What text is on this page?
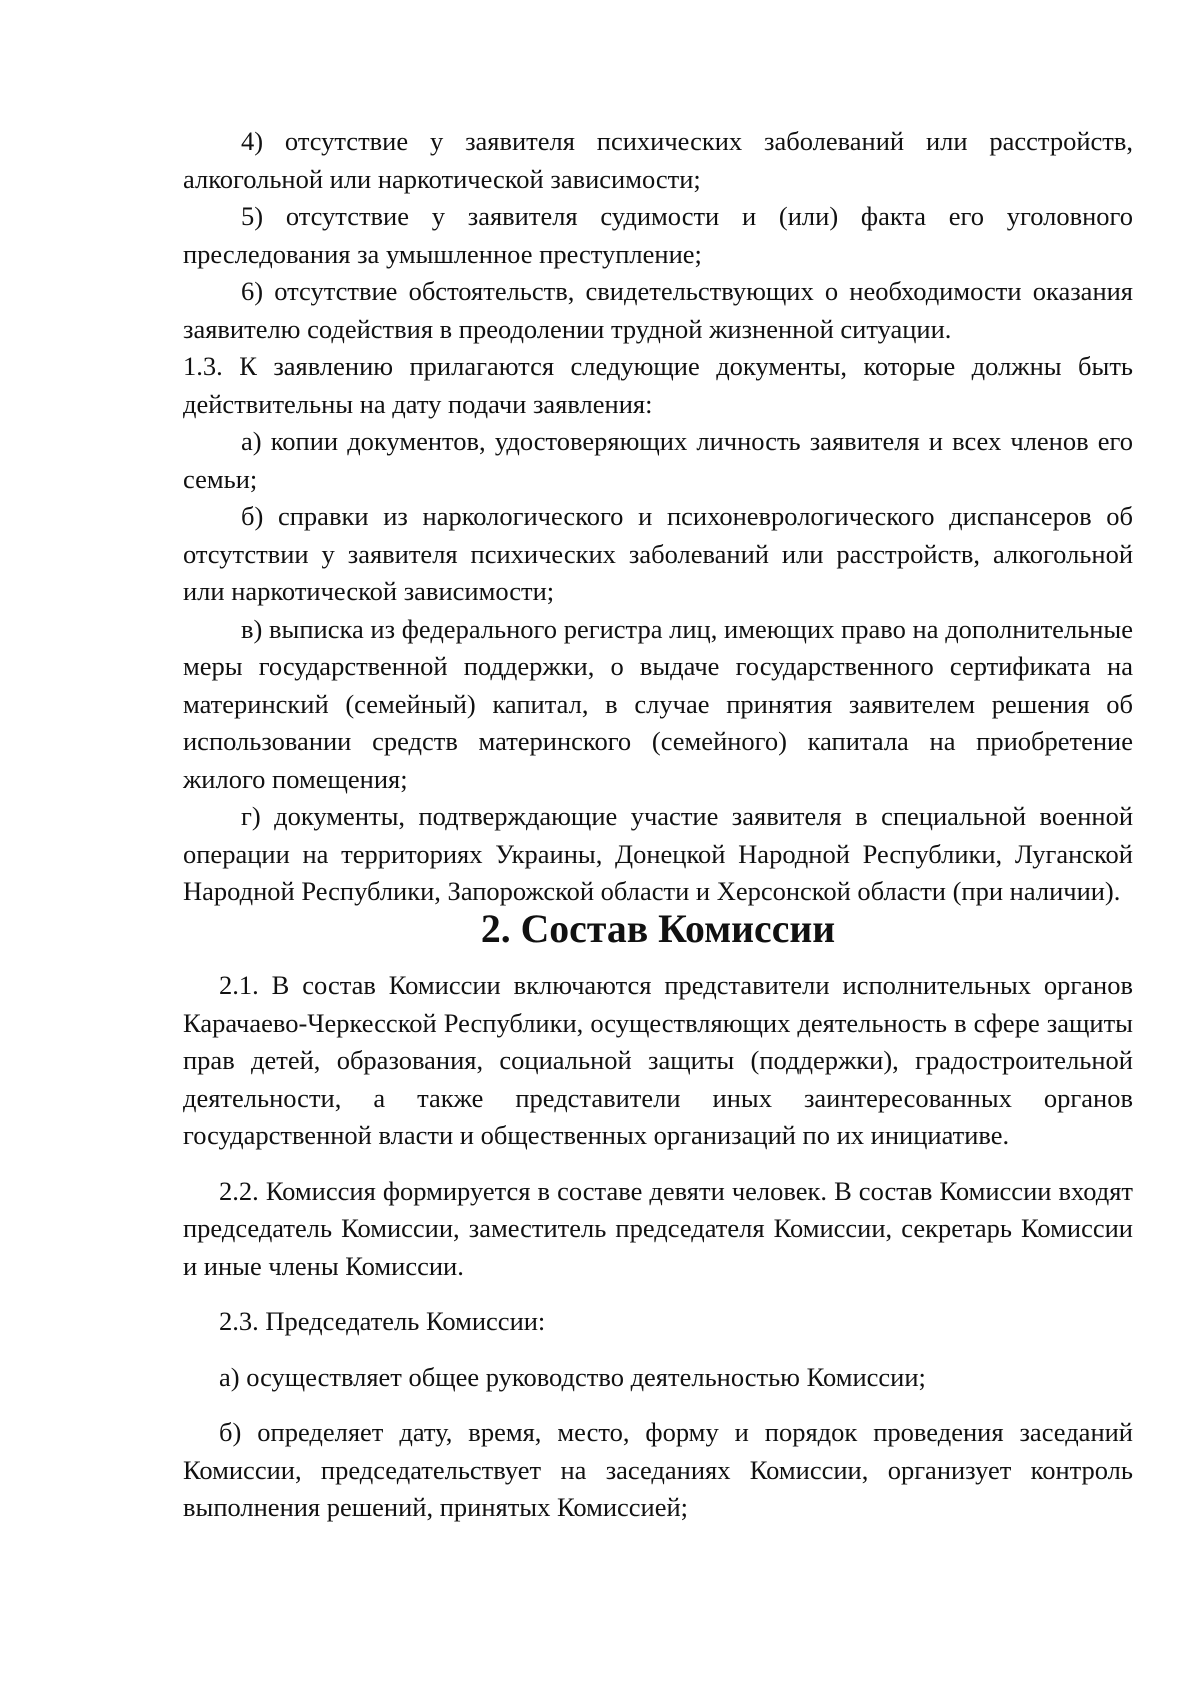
4) отсутствие у заявителя психических заболеваний или расстройств, алкогольной или наркотической зависимости;

5) отсутствие у заявителя судимости и (или) факта его уголовного преследования за умышленное преступление;

6) отсутствие обстоятельств, свидетельствующих о необходимости оказания заявителю содействия в преодолении трудной жизненной ситуации.

1.3. К заявлению прилагаются следующие документы, которые должны быть действительны на дату подачи заявления:

а) копии документов, удостоверяющих личность заявителя и всех членов его семьи;

б) справки из наркологического и психоневрологического диспансеров об отсутствии у заявителя психических заболеваний или расстройств, алкогольной или наркотической зависимости;

в) выписка из федерального регистра лиц, имеющих право на дополнительные меры государственной поддержки, о выдаче государственного сертификата на материнский (семейный) капитал, в случае принятия заявителем решения об использовании средств материнского (семейного) капитала на приобретение жилого помещения;

г) документы, подтверждающие участие заявителя в специальной военной операции на территориях Украины, Донецкой Народной Республики, Луганской Народной Республики, Запорожской области и Херсонской области (при наличии).

2. Состав Комиссии

2.1. В состав Комиссии включаются представители исполнительных органов Карачаево-Черкесской Республики, осуществляющих деятельность в сфере защиты прав детей, образования, социальной защиты (поддержки), градостроительной деятельности, а также представители иных заинтересованных органов государственной власти и общественных организаций по их инициативе.

2.2. Комиссия формируется в составе девяти человек. В состав Комиссии входят председатель Комиссии, заместитель председателя Комиссии, секретарь Комиссии и иные члены Комиссии.

2.3. Председатель Комиссии:

а) осуществляет общее руководство деятельностью Комиссии;

б) определяет дату, время, место, форму и порядок проведения заседаний Комиссии, председательствует на заседаниях Комиссии, организует контроль выполнения решений, принятых Комиссией;
